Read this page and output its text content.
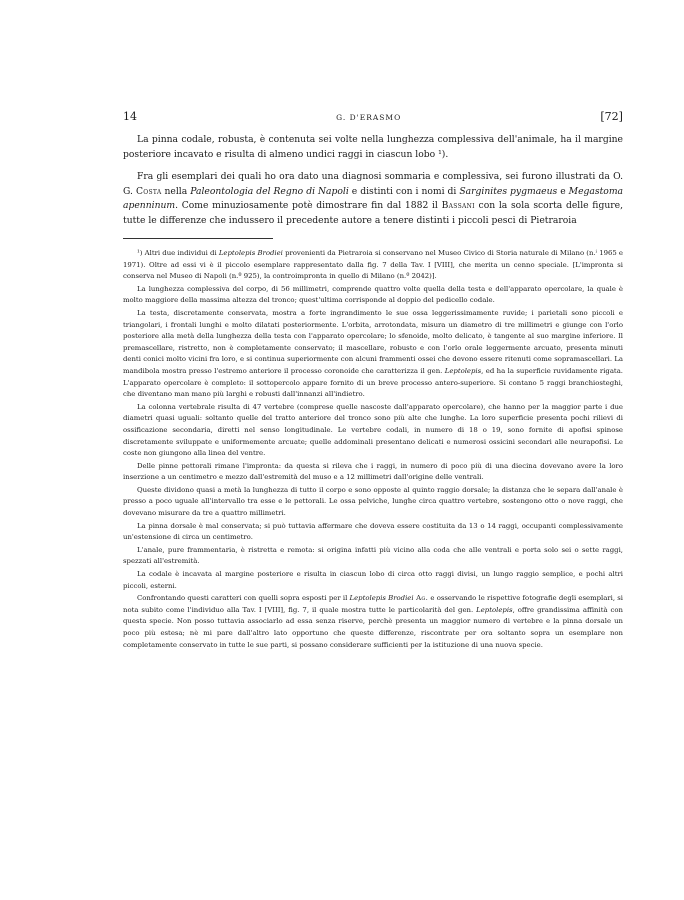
14	G. D'ERASMO	[72]

La pinna codale, robusta, è contenuta sei volte nella lunghezza complessiva dell'animale, ha il margine posteriore incavato e risulta di almeno undici raggi in ciascun lobo ¹).

Fra gli esemplari dei quali ho ora dato una diagnosi sommaria e complessiva, sei furono illustrati da O. G. Costa nella Paleontologia del Regno di Napoli e distinti con i nomi di Sarginites pygmaeus e Megastoma apenninum. Come minuziosamente potè dimostrare fin dal 1882 il Bassani con la sola scorta delle figure, tutte le differenze che indussero il precedente autore a tenere distinti i piccoli pesci di Pietraroia

¹) Altri due individui di Leptolepis Brodiei provenienti da Pietraroia si conservano nel Museo Civico di Storia naturale di Milano (n.ⁱ 1965 e 1971). Oltre ad essi vi è il piccolo esemplare rappresentato dalla fig. 7 della Tav. I [VIII], che merita un cenno speciale. [L'impronta si conserva nel Museo di Napoli (n.º 925), la controimpronta in quello di Milano (n.º 2042)].

La lunghezza complessiva del corpo, di 56 millimetri, comprende quattro volte quella della testa e dell'apparato opercolare, la quale è molto maggiore della massima altezza del tronco; quest'ultima corrisponde al doppio del pedicello codale.

La testa, discretamente conservata, mostra a forte ingrandimento le sue ossa leggerissimamente ruvide; i parietali sono piccoli e triangolari, i frontali lunghi e molto dilatati posteriormente. L'orbita, arrotondata, misura un diametro di tre millimetri e giunge con l'orlo posteriore alla metà della lunghezza della testa con l'apparato opercolare; lo sfenoide, molto delicato, è tangente al suo margine inferiore. Il premascellare, ristretto, non è completamente conservato; il mascellare, robusto e con l'orlo orale leggermente arcuato, presenta minuti denti conici molto vicini fra loro, e si continua superiormente con alcuni frammenti ossei che devono essere ritenuti come sopramascellari. La mandibola mostra presso l'estremo anteriore il processo coronoide che caratterizza il gen. Leptolepis, ed ha la superficie ruvidamente rigata. L'apparato opercolare è completo: il sottopercolo appare fornito di un breve processo antero-superiore. Si contano 5 raggi branchiosteghi, che diventano man mano più larghi e robusti dall'innanzi all'indietro.

La colonna vertebrale risulta di 47 vertebre (comprese quelle nascoste dall'apparato opercolare), che hanno per la maggior parte i due diametri quasi uguali: soltanto quelle del tratto anteriore del tronco sono più alte che lunghe. La loro superficie presenta pochi rilievi di ossificazione secondaria, diretti nel senso longitudinale. Le vertebre codali, in numero di 18 o 19, sono fornite di apofisi spinose discretamente sviluppate e uniformemente arcuate; quelle addominali presentano delicati e numerosi ossicini secondari alle neurapofisi. Le coste non giungono alla linea del ventre.

Delle pinne pettorali rimane l'impronta: da questa si rileva che i raggi, in numero di poco più di una diecina dovevano avere la loro inserzione a un centimetro e mezzo dall'estremità del muso e a 12 millimetri dall'origine delle ventrali.

Queste dividono quasi a metà la lunghezza di tutto il corpo e sono opposte al quinto raggio dorsale; la distanza che le separa dall'anale è presso a poco uguale all'intervallo tra esse e le pettorali. Le ossa pelviche, lunghe circa quattro vertebre, sostengono otto o nove raggi, che dovevano misurare da tre a quattro millimetri.

La pinna dorsale è mal conservata; si può tuttavia affermare che doveva essere costituita da 13 o 14 raggi, occupanti complessivamente un'estensione di circa un centimetro.

L'anale, pure frammentaria, è ristretta e remota: si origina infatti più vicino alla coda che alle ventrali e porta solo sei o sette raggi, spezzati all'estremità.

La codale è incavata al margine posteriore e risulta in ciascun lobo di circa otto raggi divisi, un lungo raggio semplice, e pochi altri piccoli, esterni.

Confrontando questi caratteri con quelli sopra esposti per il Leptolepis Brodiei Ag. e osservando le rispettive fotografie degli esemplari, si nota subito come l'individuo alla Tav. I [VIII], fig. 7, il quale mostra tutte le particolarità del gen. Leptolepis, offre grandissima affinità con questa specie. Non posso tuttavia associarlo ad essa senza riserve, perchè presenta un maggior numero di vertebre e la pinna dorsale un poco più estesa; nè mi pare dall'altro lato opportuno che queste differenze, riscontrate per ora soltanto sopra un esemplare non completamente conservato in tutte le sue parti, si possano considerare sufficienti per la istituzione di una nuova specie.
